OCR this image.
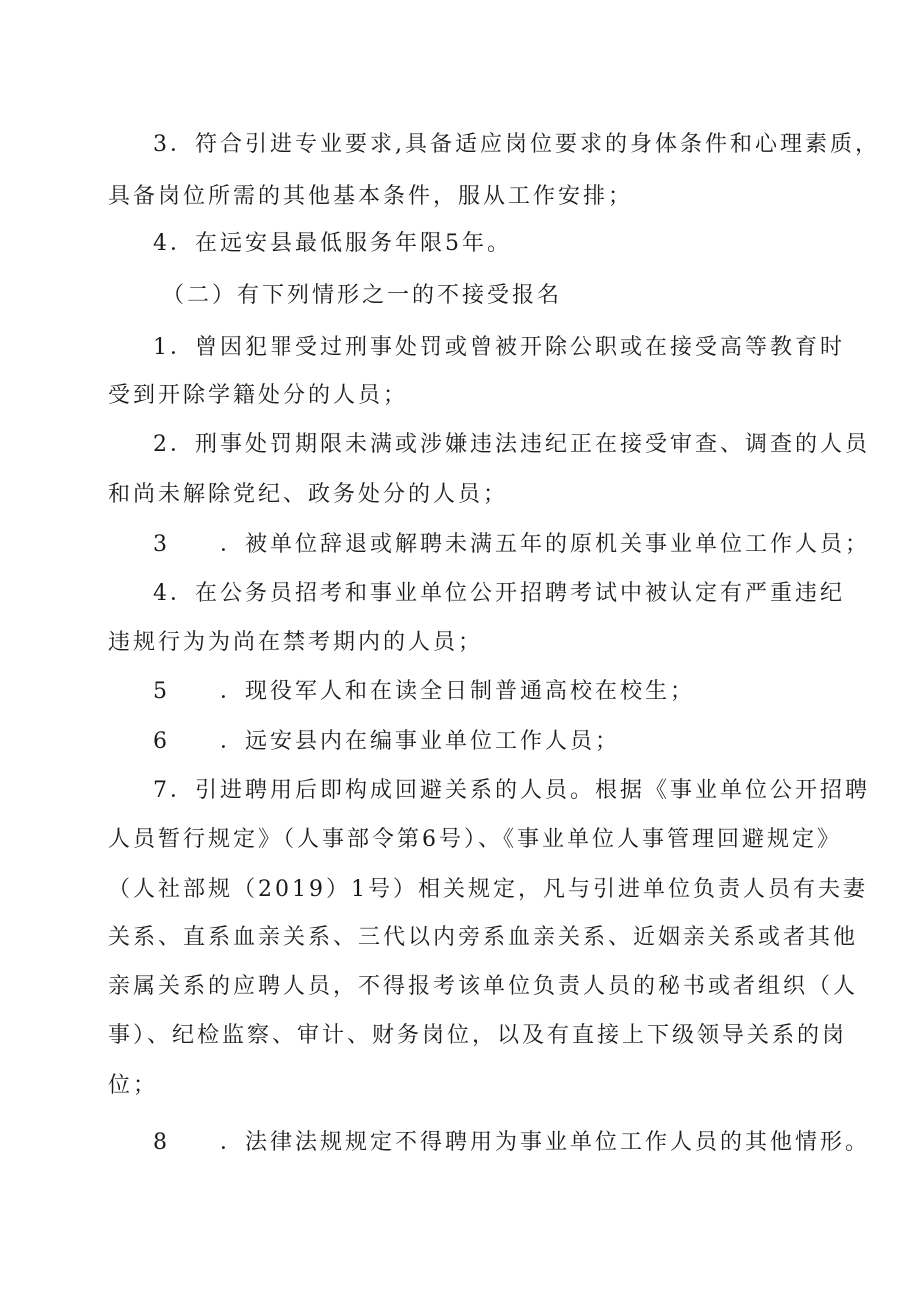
3．符合引进专业要求,具备适应岗位要求的身体条件和心理素质，
具备岗位所需的其他基本条件，服从工作安排；
4．在远安县最低服务年限5年。
（二）有下列情形之一的不接受报名
1．曾因犯罪受过刑事处罚或曾被开除公职或在接受高等教育时
受到开除学籍处分的人员；
2．刑事处罚期限未满或涉嫌违法违纪正在接受审查、调查的人员
和尚未解除党纪、政务处分的人员；
3 ．被单位辞退或解聘未满五年的原机关事业单位工作人员；
4．在公务员招考和事业单位公开招聘考试中被认定有严重违纪
违规行为为尚在禁考期内的人员；
5 ．现役军人和在读全日制普通高校在校生；
6 ．远安县内在编事业单位工作人员；
7．引进聘用后即构成回避关系的人员。根据《事业单位公开招聘
人员暂行规定》（人事部令第6号）、《事业单位人事管理回避规定》
（人社部规（2019）1号）相关规定，凡与引进单位负责人员有夫妻
关系、直系血亲关系、三代以内旁系血亲关系、近姻亲关系或者其他
亲属关系的应聘人员，不得报考该单位负责人员的秘书或者组织（人
事）、纪检监察、审计、财务岗位，以及有直接上下级领导关系的岗
位；
8 ．法律法规规定不得聘用为事业单位工作人员的其他情形。
